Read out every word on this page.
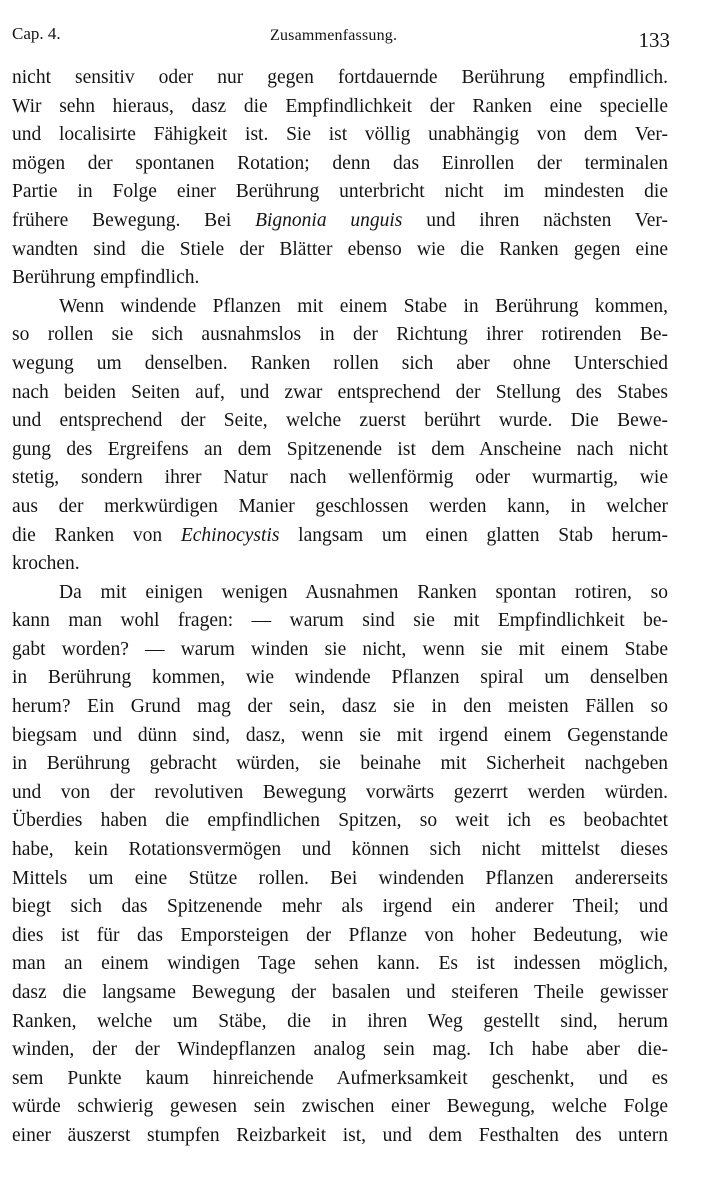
Cap. 4.	Zusammenfassung.	133
nicht sensitiv oder nur gegen fortdauernde Berührung empfindlich.
Wir sehn hieraus, dasz die Empfindlichkeit der Ranken eine specielle
und localisirte Fähigkeit ist. Sie ist völlig unabhängig von dem Ver-
mögen der spontanen Rotation; denn das Einrollen der terminalen
Partie in Folge einer Berührung unterbricht nicht im mindesten die
frühere Bewegung. Bei Bignonia unguis und ihren nächsten Ver-
wandten sind die Stiele der Blätter ebenso wie die Ranken gegen eine
Berührung empfindlich.
Wenn windende Pflanzen mit einem Stabe in Berührung kommen,
so rollen sie sich ausnahmslos in der Richtung ihrer rotirenden Be-
wegung um denselben. Ranken rollen sich aber ohne Unterschied
nach beiden Seiten auf, und zwar entsprechend der Stellung des Stabes
und entsprechend der Seite, welche zuerst berührt wurde. Die Bewe-
gung des Ergreifens an dem Spitzenende ist dem Anscheine nach nicht
stetig, sondern ihrer Natur nach wellenförmig oder wurmartig, wie
aus der merkwürdigen Manier geschlossen werden kann, in welcher
die Ranken von Echinocystis langsam um einen glatten Stab herum-
krochen.
Da mit einigen wenigen Ausnahmen Ranken spontan rotiren, so
kann man wohl fragen: — warum sind sie mit Empfindlichkeit be-
gabt worden? — warum winden sie nicht, wenn sie mit einem Stabe
in Berührung kommen, wie windende Pflanzen spiral um denselben
herum? Ein Grund mag der sein, dasz sie in den meisten Fällen so
biegsam und dünn sind, dasz, wenn sie mit irgend einem Gegenstande
in Berührung gebracht würden, sie beinahe mit Sicherheit nachgeben
und von der revolutiven Bewegung vorwärts gezerrt werden würden.
Überdies haben die empfindlichen Spitzen, so weit ich es beobachtet
habe, kein Rotationsvermögen und können sich nicht mittelst dieses
Mittels um eine Stütze rollen. Bei windenden Pflanzen andererseits
biegt sich das Spitzenende mehr als irgend ein anderer Theil; und
dies ist für das Emporsteigen der Pflanze von hoher Bedeutung, wie
man an einem windigen Tage sehen kann. Es ist indessen möglich,
dasz die langsame Bewegung der basalen und steiferen Theile gewisser
Ranken, welche um Stäbe, die in ihren Weg gestellt sind, herum
winden, der der Windepflanzen analog sein mag. Ich habe aber die-
sem Punkte kaum hinreichende Aufmerksamkeit geschenkt, und es
würde schwierig gewesen sein zwischen einer Bewegung, welche Folge
einer äuszerst stumpfen Reizbarkeit ist, und dem Festhalten des untern
